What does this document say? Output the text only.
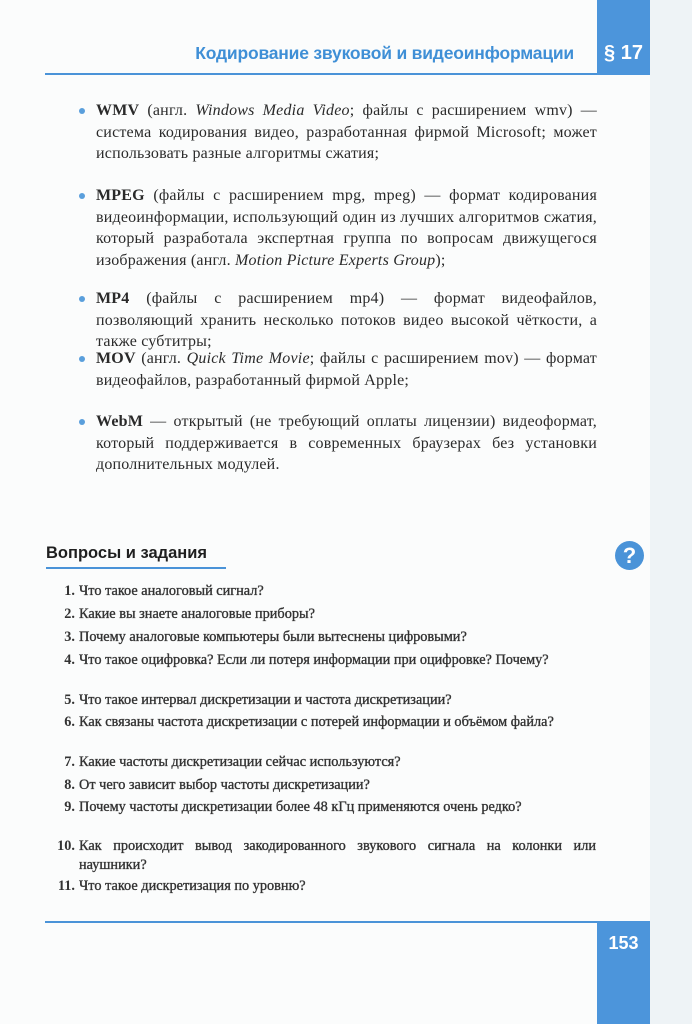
Кодирование звуковой и видеоинформации	§ 17
WMV (англ. Windows Media Video; файлы с расширением wmv) — система кодирования видео, разработанная фирмой Microsoft; может использовать разные алгоритмы сжатия;
MPEG (файлы с расширением mpg, mpeg) — формат кодирования видеоинформации, использующий один из лучших алгоритмов сжатия, который разработала экспертная группа по вопросам движущегося изображения (англ. Motion Picture Experts Group);
MP4 (файлы с расширением mp4) — формат видеофайлов, позволяющий хранить несколько потоков видео высокой чёткости, а также субтитры;
MOV (англ. Quick Time Movie; файлы с расширением mov) — формат видеофайлов, разработанный фирмой Apple;
WebM — открытый (не требующий оплаты лицензии) видеоформат, который поддерживается в современных браузерах без установки дополнительных модулей.
Вопросы и задания	?
1. Что такое аналоговый сигнал?
2. Какие вы знаете аналоговые приборы?
3. Почему аналоговые компьютеры были вытеснены цифровыми?
4. Что такое оцифровка? Если ли потеря информации при оцифровке? Почему?
5. Что такое интервал дискретизации и частота дискретизации?
6. Как связаны частота дискретизации с потерей информации и объёмом файла?
7. Какие частоты дискретизации сейчас используются?
8. От чего зависит выбор частоты дискретизации?
9. Почему частоты дискретизации более 48 кГц применяются очень редко?
10. Как происходит вывод закодированного звукового сигнала на колонки или наушники?
11. Что такое дискретизация по уровню?
153
